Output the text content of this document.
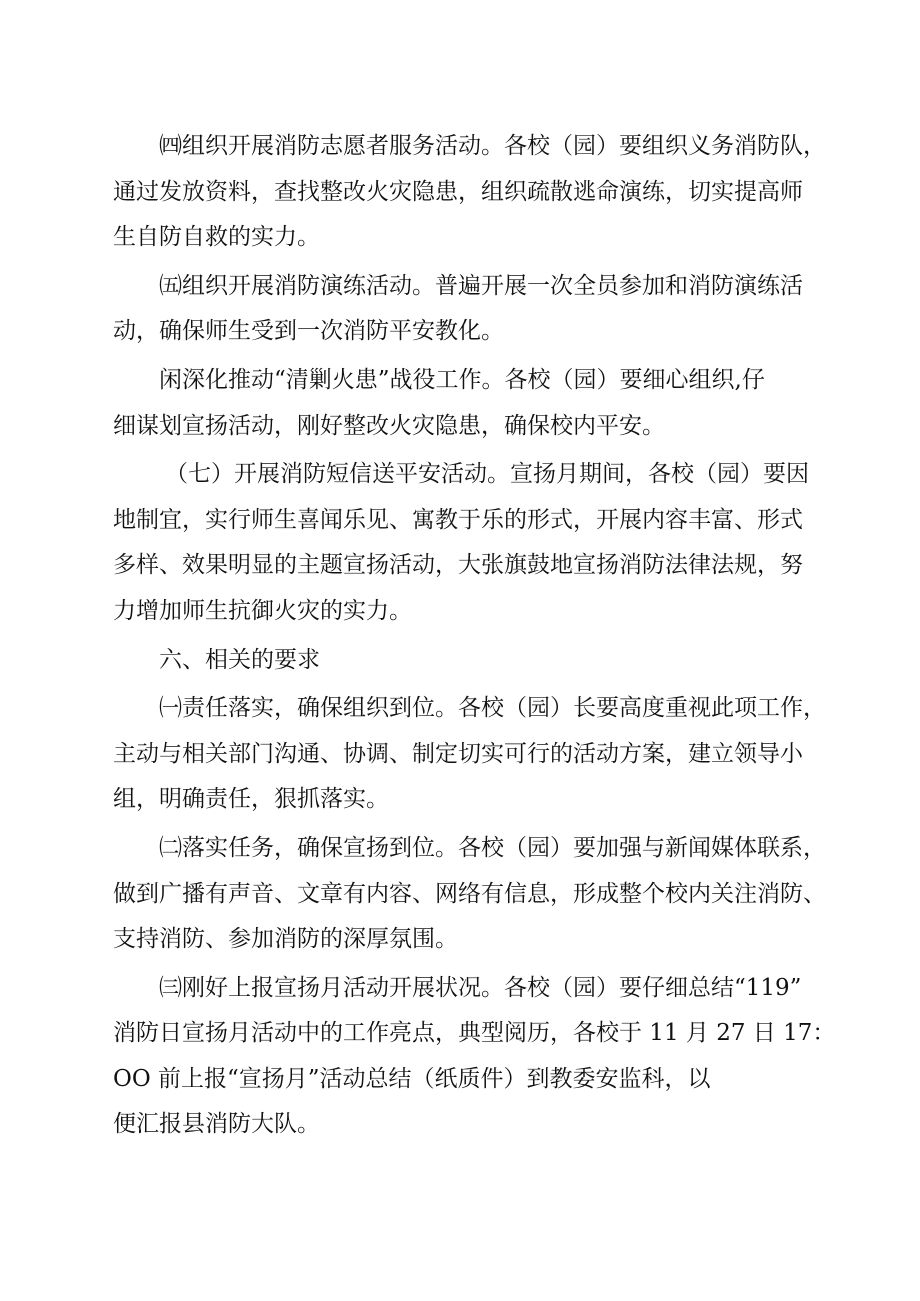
㈣组织开展消防志愿者服务活动。各校（园）要组织义务消防队，
通过发放资料，查找整改火灾隐患，组织疏散逃命演练，切实提高师
生自防自救的实力。

㈤组织开展消防演练活动。普遍开展一次全员参加和消防演练活
动，确保师生受到一次消防平安教化。

闲深化推动“清剿火患”战役工作。各校（园）要细心组织,仔
细谋划宣扬活动，刚好整改火灾隐患，确保校内平安。

（七）开展消防短信送平安活动。宣扬月期间，各校（园）要因
地制宜，实行师生喜闻乐见、寓教于乐的形式，开展内容丰富、形式
多样、效果明显的主题宣扬活动，大张旗鼓地宣扬消防法律法规，努
力增加师生抗御火灾的实力。

六、相关的要求

㈠责任落实，确保组织到位。各校（园）长要高度重视此项工作，
主动与相关部门沟通、协调、制定切实可行的活动方案，建立领导小
组，明确责任，狠抓落实。

㈡落实任务，确保宣扬到位。各校（园）要加强与新闻媒体联系，
做到广播有声音、文章有内容、网络有信息，形成整个校内关注消防、
支持消防、参加消防的深厚氛围。

㈢刚好上报宣扬月活动开展状况。各校（园）要仔细总结“119”
消防日宣扬月活动中的工作亮点，典型阅历，各校于 11 月 27 日 17：
OO 前上报“宣扬月”活动总结（纸质件）到教委安监科，以
便汇报县消防大队。
